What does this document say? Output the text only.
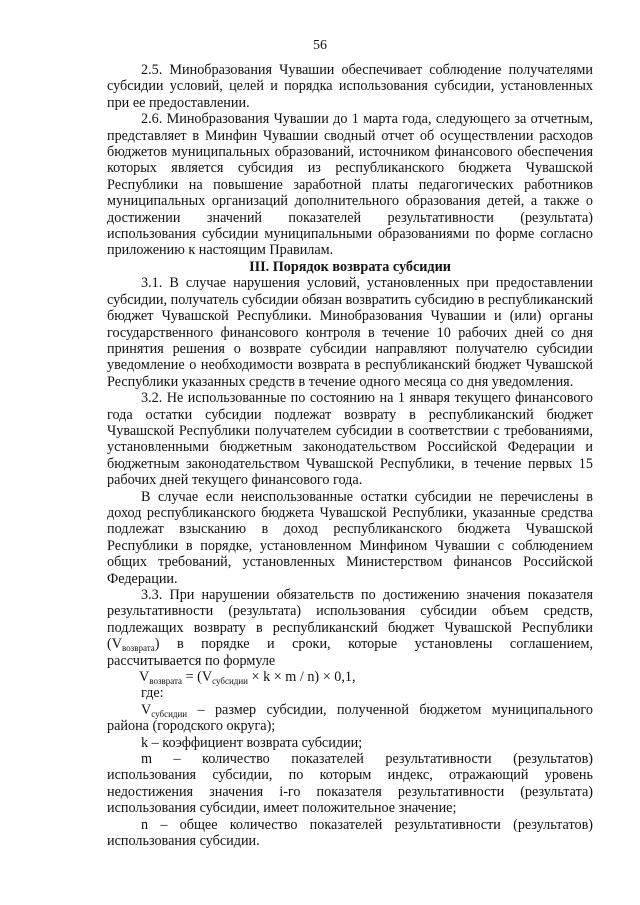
56

2.5. Минобразования Чувашии обеспечивает соблюдение получателями субсидии условий, целей и порядка использования субсидии, установленных при ее предоставлении.

2.6. Минобразования Чувашии до 1 марта года, следующего за отчетным, представляет в Минфин Чувашии сводный отчет об осуществлении расходов бюджетов муниципальных образований, источником финансового обеспечения которых является субсидия из республиканского бюджета Чувашской Республики на повышение заработной платы педагогических работников муниципальных организаций дополнительного образования детей, а также о достижении значений показателей результативности (результата) использования субсидии муниципальными образованиями по форме согласно приложению к настоящим Правилам.

III. Порядок возврата субсидии

3.1. В случае нарушения условий, установленных при предоставлении субсидии, получатель субсидии обязан возвратить субсидию в республиканский бюджет Чувашской Республики. Минобразования Чувашии и (или) органы государственного финансового контроля в течение 10 рабочих дней со дня принятия решения о возврате субсидии направляют получателю субсидии уведомление о необходимости возврата в республиканский бюджет Чувашской Республики указанных средств в течение одного месяца со дня уведомления.

3.2. Не использованные по состоянию на 1 января текущего финансового года остатки субсидии подлежат возврату в республиканский бюджет Чувашской Республики получателем субсидии в соответствии с требованиями, установленными бюджетным законодательством Российской Федерации и бюджетным законодательством Чувашской Республики, в течение первых 15 рабочих дней текущего финансового года.

В случае если неиспользованные остатки субсидии не перечислены в доход республиканского бюджета Чувашской Республики, указанные средства подлежат взысканию в доход республиканского бюджета Чувашской Республики в порядке, установленном Минфином Чувашии с соблюдением общих требований, установленных Министерством финансов Российской Федерации.

3.3. При нарушении обязательств по достижению значения показателя результативности (результата) использования субсидии объем средств, подлежащих возврату в республиканский бюджет Чувашской Республики $(V_{возврата})$ в порядке и сроки, которые установлены соглашением, рассчитывается по формуле

$V_{возврата} = (V_{субсидии} \times k \times m / n) \times 0,1$,

где:

$V_{субсидии}$ – размер субсидии, полученной бюджетом муниципального района (городского округа);

k – коэффициент возврата субсидии;

m – количество показателей результативности (результатов) использования субсидии, по которым индекс, отражающий уровень недостижения значения i-го показателя результативности (результата) использования субсидии, имеет положительное значение;

n – общее количество показателей результативности (результатов) использования субсидии.
